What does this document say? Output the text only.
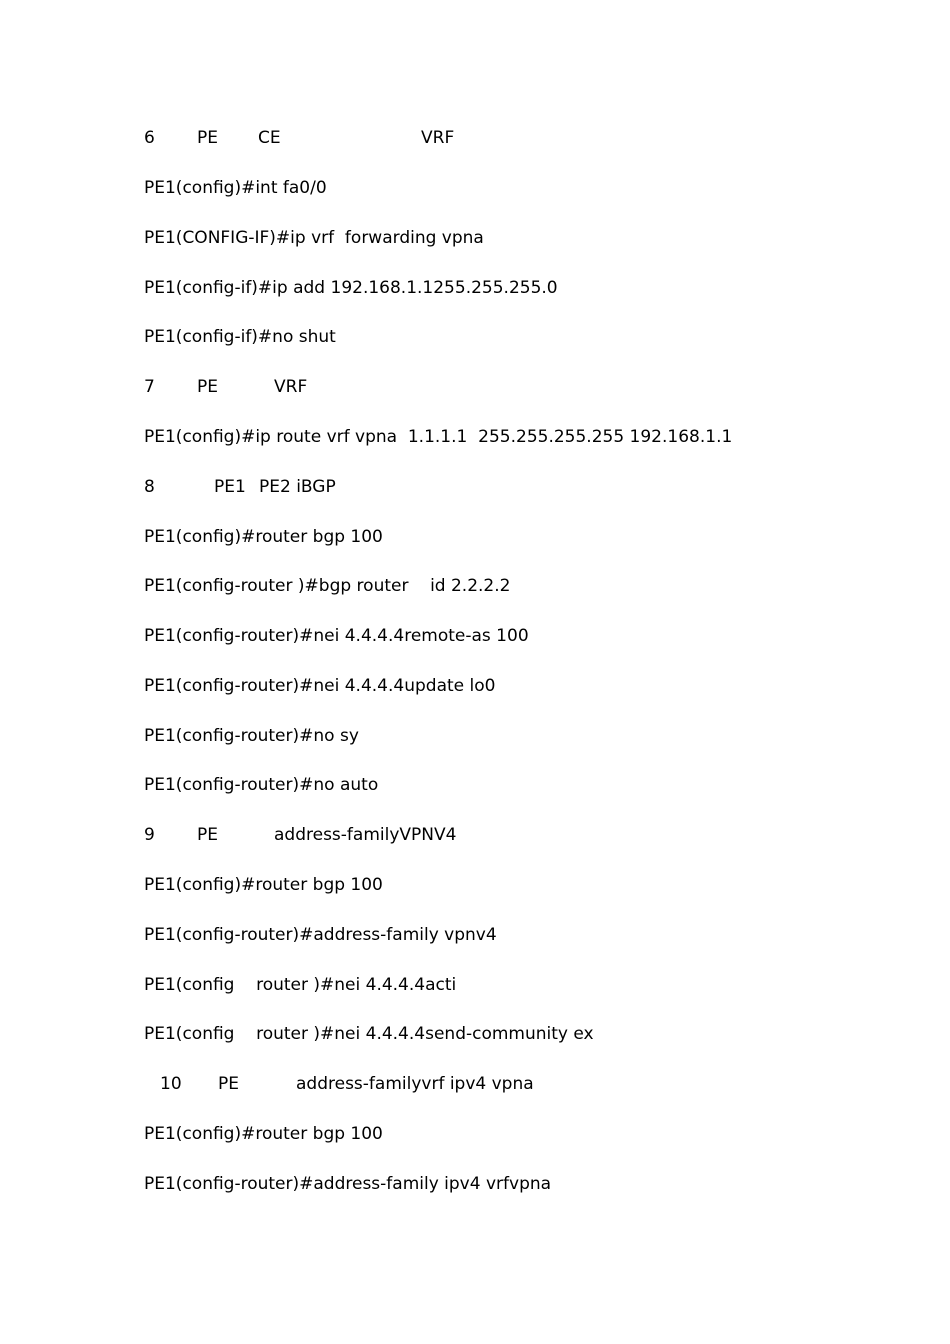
6

PE

CE

	VRF

PE1(config)#int fa0/0
PE1(CONFIG-IF)#ip vrf  forwarding vpna
PE1(config-if)#ip add 192.168.1.1255.255.255.0
PE1(config-if)#no shut

7

PE

	VRF

PE1(config)#ip route vrf vpna  1.1.1.1  255.255.255.255 192.168.1.1

8

	PE1

PE2 iBGP

PE1(config)#router bgp 100
PE1(config-router )#bgp router    id 2.2.2.2
PE1(config-router)#nei 4.4.4.4remote-as 100
PE1(config-router)#nei 4.4.4.4update lo0
PE1(config-router)#no sy
PE1(config-router)#no auto

9

PE

	address-familyVPNV4

PE1(config)#router bgp 100
PE1(config-router)#address-family vpnv4
PE1(config    router )#nei 4.4.4.4acti
PE1(config    router )#nei 4.4.4.4send-community ex

10

PE

	address-familyvrf ipv4 vpna

PE1(config)#router bgp 100
PE1(config-router)#address-family ipv4 vrfvpna
